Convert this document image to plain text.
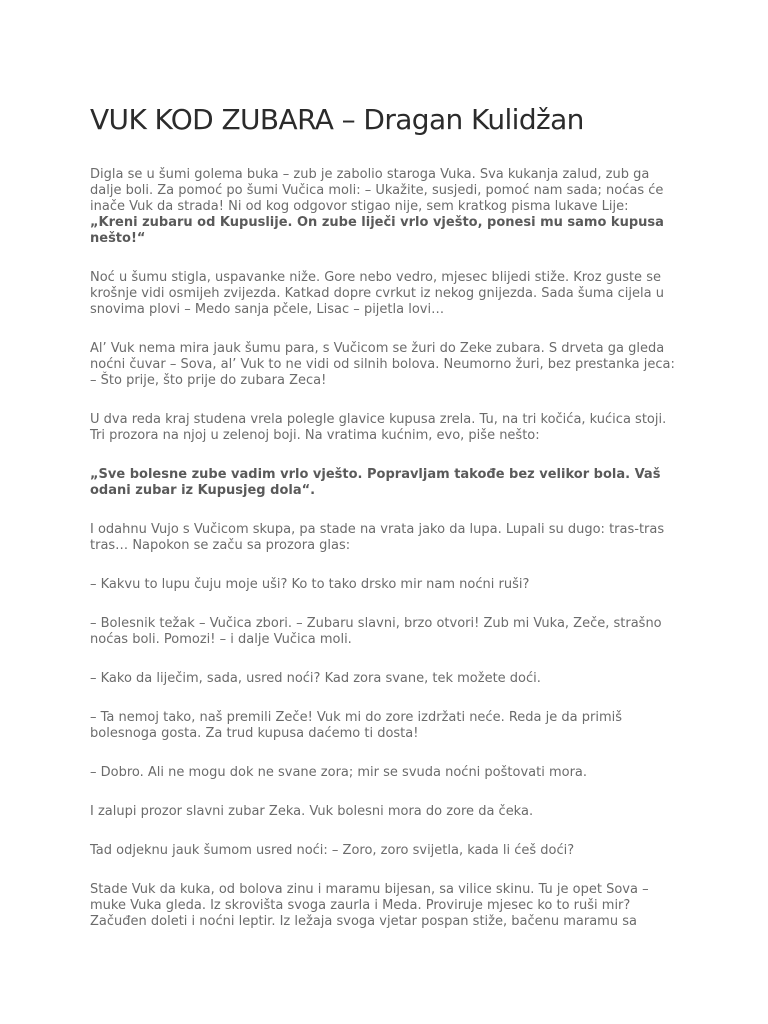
VUK KOD ZUBARA – Dragan Kulidžan

Digla se u šumi golema buka – zub je zabolio staroga Vuka. Sva kukanja zalud, zub ga dalje boli. Za pomoć po šumi Vučica moli: – Ukažite, susjedi, pomoć nam sada; noćas će inače Vuk da strada! Ni od kog odgovor stigao nije, sem kratkog pisma lukave Lije: „Kreni zubaru od Kupuslije. On zube liječi vrlo vješto, ponesi mu samo kupusa nešto!“

Noć u šumu stigla, uspavanke niže. Gore nebo vedro, mjesec blijedi stiže. Kroz guste se krošnje vidi osmijeh zvijezda. Katkad dopre cvrkut iz nekog gnijezda. Sada šuma cijela u snovima plovi – Medo sanja pčele, Lisac – pijetla lovi…

Al’ Vuk nema mira jauk šumu para, s Vučicom se žuri do Zeke zubara. S drveta ga gleda noćni čuvar – Sova, al’ Vuk to ne vidi od silnih bolova. Neumorno žuri, bez prestanka jeca: – Što prije, što prije do zubara Zeca!

U dva reda kraj studena vrela polegle glavice kupusa zrela. Tu, na tri kočića, kućica stoji. Tri prozora na njoj u zelenoj boji. Na vratima kućnim, evo, piše nešto:

„Sve bolesne zube vadim vrlo vješto. Popravljam takođe bez velikor bola. Vaš odani zubar iz Kupusjeg dola“.

I odahnu Vujo s Vučicom skupa, pa stade na vrata jako da lupa. Lupali su dugo: tras-tras tras… Napokon se začu sa prozora glas:

– Kakvu to lupu čuju moje uši? Ko to tako drsko mir nam noćni ruši?

– Bolesnik težak – Vučica zbori. – Zubaru slavni, brzo otvori! Zub mi Vuka, Zeče, strašno noćas boli. Pomozi! – i dalje Vučica moli.

– Kako da liječim, sada, usred noći? Kad zora svane, tek možete doći.

– Ta nemoj tako, naš premili Zeče! Vuk mi do zore izdržati neće. Reda je da primiš bolesnoga gosta. Za trud kupusa daćemo ti dosta!

– Dobro. Ali ne mogu dok ne svane zora; mir se svuda noćni poštovati mora.

I zalupi prozor slavni zubar Zeka. Vuk bolesni mora do zore da čeka.

Tad odjeknu jauk šumom usred noći: – Zoro, zoro svijetla, kada li ćeš doći?

Stade Vuk da kuka, od bolova zinu i maramu bijesan, sa vilice skinu. Tu je opet Sova – muke Vuka gleda. Iz skrovišta svoga zaurla i Meda. Proviruje mjesec ko to ruši mir? Začuđen doleti i noćni leptir. Iz ležaja svoga vjetar pospan stiže, bačenu maramu sa
